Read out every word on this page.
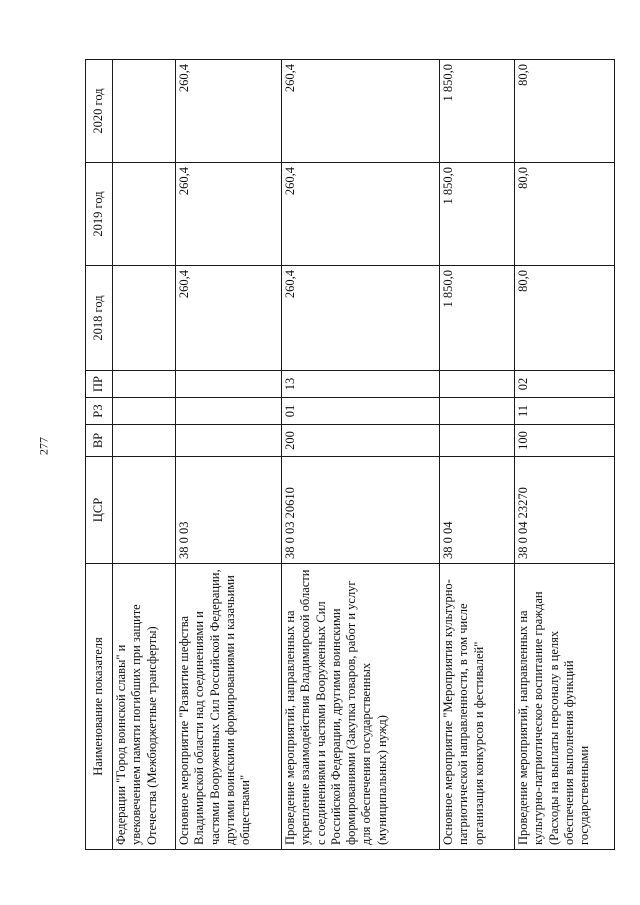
277
Наименование показателя	ЦСР	ВР	РЗ	ПР	2018 год	2019 год	2020 год
Федерации "Город воинской славы" и увековечением памяти погибших при защите Отечества (Межбюджетные трансферты)							
Основное мероприятие "Развитие шефства Владимирской области над соединениями и частями Вооруженных Сил Российской Федерации, другими воинскими формированиями и казачьими обществами"	38 0 03				260,4	260,4	260,4
Проведение мероприятий, направленных на укрепление взаимодействия Владимирской области с соединениями и частями Вооруженных Сил Российской Федерации, другими воинскими формированиями (Закупка товаров, работ и услуг для обеспечения государственных (муниципальных) нужд)	38 0 03 20610	200	01	13	260,4	260,4	260,4
Основное мероприятие "Мероприятия культурно-патриотической направленности, в том числе организация конкурсов и фестивалей"	38 0 04				1 850,0	1 850,0	1 850,0
Проведение мероприятий, направленных на культурно-патриотическое воспитание граждан (Расходы на выплаты персоналу в целях обеспечения выполнения функций государственными	38 0 04 23270	100	11	02	80,0	80,0	80,0
